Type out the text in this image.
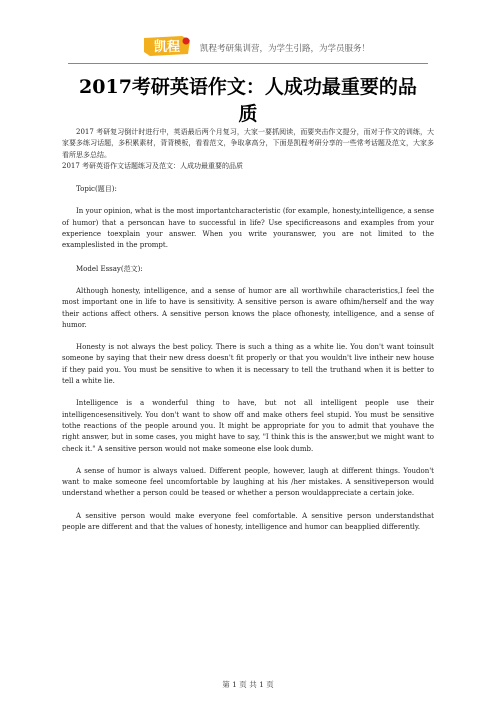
凯程 凯程考研集训营，为学生引路，为学员服务！
2017考研英语作文：人成功最重要的品
质

2017 考研复习倒计时进行中，英语最后两个月复习，大家一要抓阅读，而要突击作文提分，而对于作文的训练，大家要多练习话题，多积累素材，背背模板，看看范文，争取拿高分，下面是凯程考研分享的一些常考话题及范文，大家多看所思多总结。

2017 考研英语作文话题练习及范文：人成功最重要的品质

Topic(题目):

In your opinion, what is the most importantcharacteristic (for example, honesty,intelligence, a sense of humor) that a personcan have to successful in life? Use specificreasons and examples from your experience toexplain your answer. When you write youranswer, you are not limited to the exampleslisted in the prompt.

Model Essay(范文):

Although honesty, intelligence, and a sense of humor are all worthwhile characteristics,I feel the most important one in life to have is sensitivity. A sensitive person is aware ofhim/herself and the way their actions affect others. A sensitive person knows the place ofhonesty, intelligence, and a sense of humor.

Honesty is not always the best policy. There is such a thing as a white lie. You don't want toinsult someone by saying that their new dress doesn't fit properly or that you wouldn't live intheir new house if they paid you. You must be sensitive to when it is necessary to tell the truthand when it is better to tell a white lie.

Intelligence is a wonderful thing to have, but not all intelligent people use their intelligencesensitively. You don't want to show off and make others feel stupid. You must be sensitive tothe reactions of the people around you. It might be appropriate for you to admit that youhave the right answer, but in some cases, you might have to say, "I think this is the answer,but we might want to check it." A sensitive person would not make someone else look dumb.

A sense of humor is always valued. Different people, however, laugh at different things. Youdon't want to make someone feel uncomfortable by laughing at his /her mistakes. A sensitiveperson would understand whether a person could be teased or whether a person wouldappreciate a certain joke.

A sensitive person would make everyone feel comfortable. A sensitive person understandsthat people are different and that the values of honesty, intelligence and humor can beapplied differently.

第 1 页 共 1 页
